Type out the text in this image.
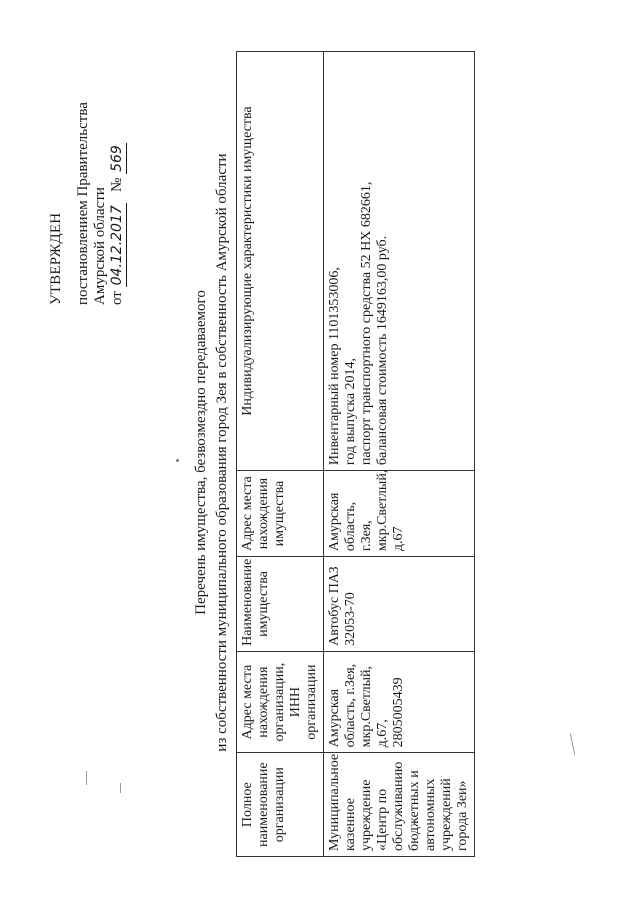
УТВЕРЖДЕН постановлением Правительства Амурской области от 04.12.2017   № 569
Перечень имущества, безвозмездно передаваемого из собственности муниципального образования город Зея в собственность Амурской области
Полное наименование организации	Адрес места нахождения организации, ИНН организации	Наименование имущества	Адрес места нахождения имущества	Индивидуализирующие характеристики имущества
Муниципальное казенное учреждение «Центр по обслуживанию бюджетных и автономных учреждений города Зеи»	Амурская область, г.Зея, мкр.Светлый, д.67, 2805005439	Автобус ПАЗ 32053-70	Амурская область, г.Зея, мкр.Светлый, д.67	Инвентарный номер 1101353006, год выпуска 2014, паспорт транспортного средства 52 НХ 682661, балансовая стоимость 1649163,00 руб.
